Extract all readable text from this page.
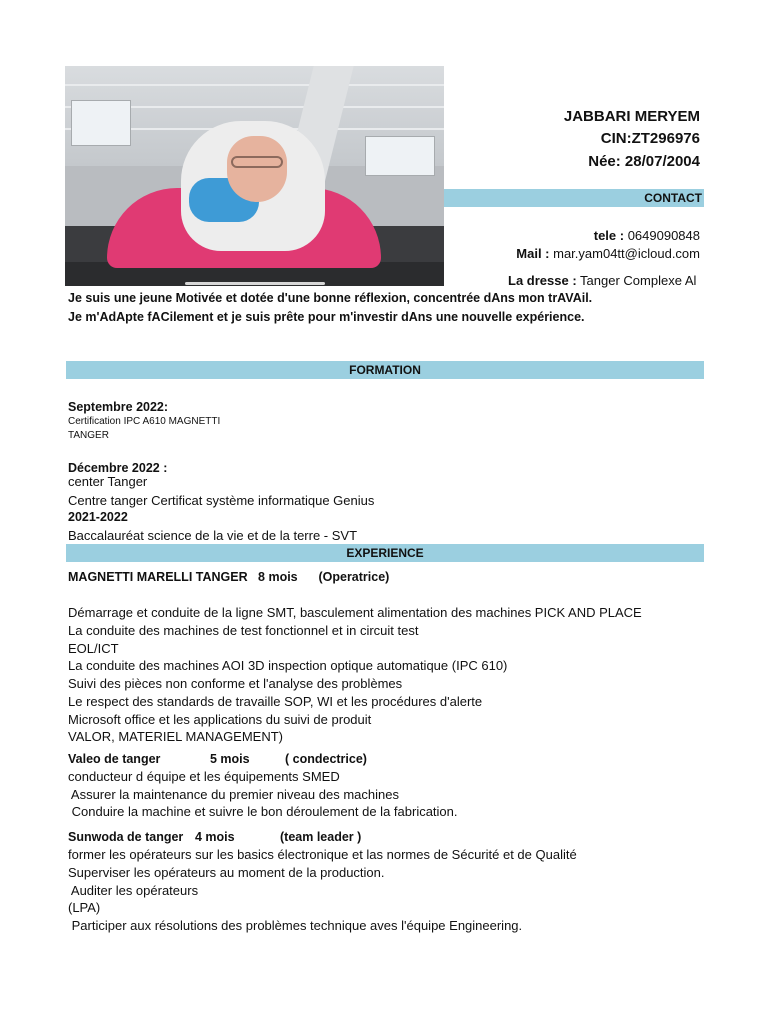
JABBARI MERYEM
CIN:ZT296976
Née: 28/07/2004
CONTACT
tele : 0649090848
Mail : mar.yam04tt@icloud.com
La dresse : Tanger Complexe Al
Je suis une jeune Motivée et dotée d'une bonne réflexion, concentrée dAns mon trAVAil.
Je m'AdApte fACilement et je suis prête pour m'investir dAns une nouvelle expérience.
FORMATION
Septembre 2022:
Certification IPC A610 MAGNETTI
TANGER
Décembre 2022 :
center Tanger
Centre tanger Certificat système informatique Genius
2021-2022
Baccalauréat science de la vie et de la terre - SVT
EXPERIENCE
MAGNETTI MARELLI TANGER   8 mois      (Operatrice)
Démarrage et conduite de la ligne SMT, basculement alimentation des machines PICK AND PLACE
La conduite des machines de test fonctionnel et in circuit test
EOL/ICT
La conduite des machines AOI 3D inspection optique automatique (IPC 610)
Suivi des pièces non conforme et l'analyse des problèmes
Le respect des standards de travaille SOP, WI et les procédures d'alerte
Microsoft office et les applications du suivi de produit
VALOR, MATERIEL MANAGEMENT)
Valeo de tanger	5 mois	( condectrice)
conducteur d équipe et les équipements SMED
Assurer la maintenance du premier niveau des machines
Conduire la machine et suivre le bon déroulement de la fabrication.
Sunwoda de tanger 4 mois	(team leader )
former les opérateurs sur les basics électronique et las normes de Sécurité et de Qualité
Superviser les opérateurs au moment de la production.
Auditer les opérateurs
(LPA)
Participer aux résolutions des problèmes technique aves l'équipe Engineering.
